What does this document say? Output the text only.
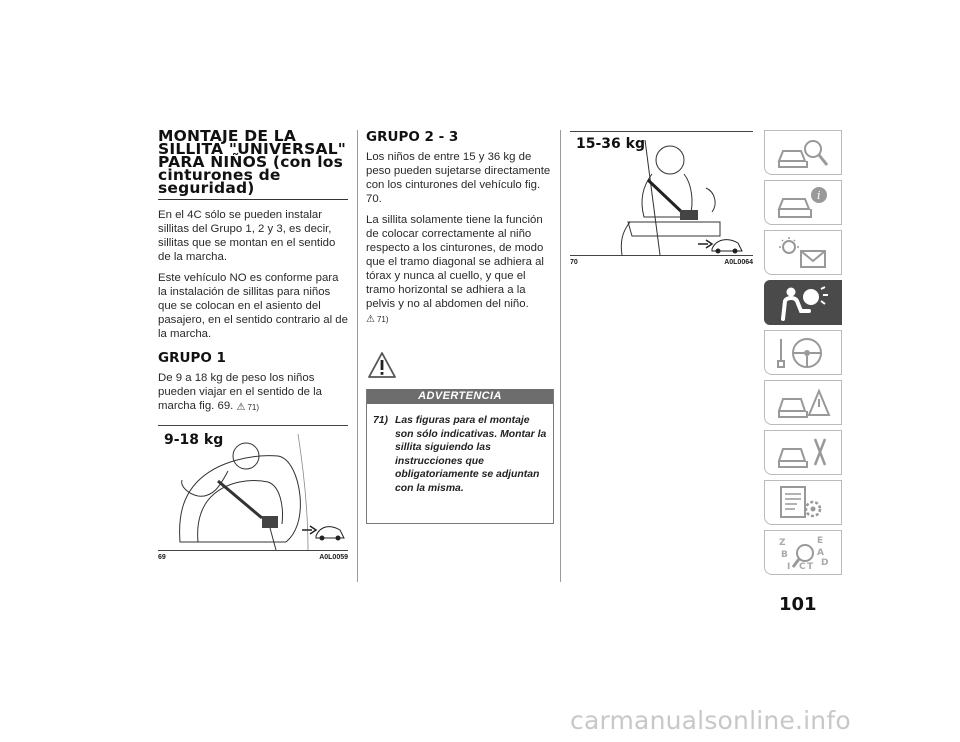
MONTAJE DE LA SILLITA "UNIVERSAL" PARA NIÑOS (con los cinturones de seguridad)

En el 4C sólo se pueden instalar sillitas del Grupo 1, 2 y 3, es decir, sillitas que se montan en el sentido de la marcha.

Este vehículo NO es conforme para la instalación de sillitas para niños que se colocan en el asiento del pasajero, en el sentido contrario al de la marcha.

GRUPO 1

De 9 a 18 kg de peso los niños pueden viajar en el sentido de la marcha fig. 69. ⚠ 71)

9-18 kg
69	A0L0059
GRUPO 2 - 3

Los niños de entre 15 y 36 kg de peso pueden sujetarse directamente con los cinturones del vehículo fig. 70.

La sillita solamente tiene la función de colocar correctamente al niño respecto a los cinturones, de modo que el tramo diagonal se adhiera al tórax y nunca al cuello, y que el tramo horizontal se adhiera a la pelvis y no al abdomen del niño.
⚠ 71)

ADVERTENCIA
71) Las figuras para el montaje son sólo indicativas. Montar la sillita siguiendo las instrucciones que obligatoriamente se adjuntan con la misma.
15-36 kg
70	A0L0064
i
Z	E
B	A
I C T D
101
carmanualsonline.info
